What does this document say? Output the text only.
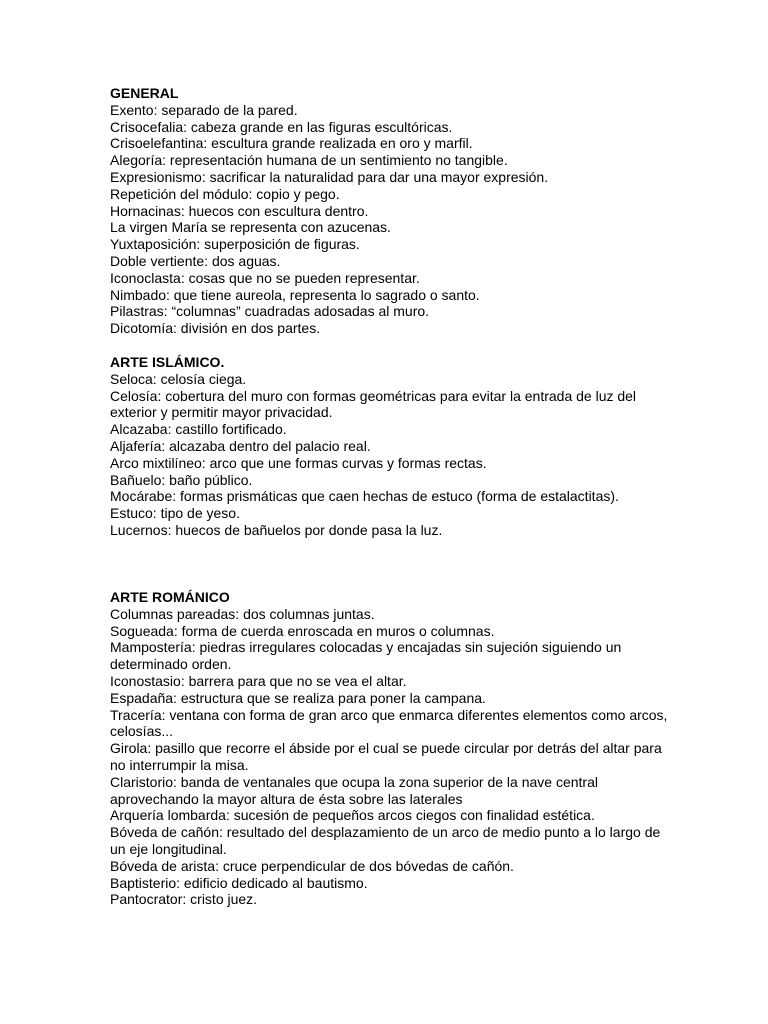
GENERAL
Exento: separado de la pared.
Crisocefalia: cabeza grande en las figuras escultóricas.
Crisoelefantina: escultura grande realizada en oro y marfil.
Alegoría: representación humana de un sentimiento no tangible.
Expresionismo: sacrificar la naturalidad para dar una mayor expresión.
Repetición del módulo: copio y pego.
Hornacinas: huecos con escultura dentro.
La virgen María se representa con azucenas.
Yuxtaposición: superposición de figuras.
Doble vertiente: dos aguas.
Iconoclasta: cosas que no se pueden representar.
Nimbado: que tiene aureola, representa lo sagrado o santo.
Pilastras: “columnas” cuadradas adosadas al muro.
Dicotomía: división en dos partes.
ARTE ISLÁMICO.
Seloca: celosía ciega.
Celosía: cobertura del muro con formas geométricas para evitar la entrada de luz del exterior y permitir mayor privacidad.
Alcazaba: castillo fortificado.
Aljafería: alcazaba dentro del palacio real.
Arco mixtilíneo: arco que une formas curvas y formas rectas.
Bañuelo: baño público.
Mocárabe: formas prismáticas que caen hechas de estuco (forma de estalactitas).
Estuco: tipo de yeso.
Lucernos: huecos de bañuelos por donde pasa la luz.
ARTE ROMÁNICO
Columnas pareadas: dos columnas juntas.
Sogueada: forma de cuerda enroscada en muros o columnas.
Mampostería: piedras irregulares colocadas y encajadas sin sujeción siguiendo un determinado orden.
Iconostasio: barrera para que no se vea el altar.
Espadaña: estructura que se realiza para poner la campana.
Tracería: ventana con forma de gran arco que enmarca diferentes elementos como arcos, celosías...
Girola: pasillo que recorre el ábside por el cual se puede circular por detrás del altar para no interrumpir la misa.
Claristorio: banda de ventanales que ocupa la zona superior de la nave central aprovechando la mayor altura de ésta sobre las laterales
Arquería lombarda: sucesión de pequeños arcos ciegos con finalidad estética.
Bóveda de cañón: resultado del desplazamiento de un arco de medio punto a lo largo de un eje longitudinal.
Bóveda de arista: cruce perpendicular de dos bóvedas de cañón.
Baptisterio: edificio dedicado al bautismo.
Pantocrator: cristo juez.
